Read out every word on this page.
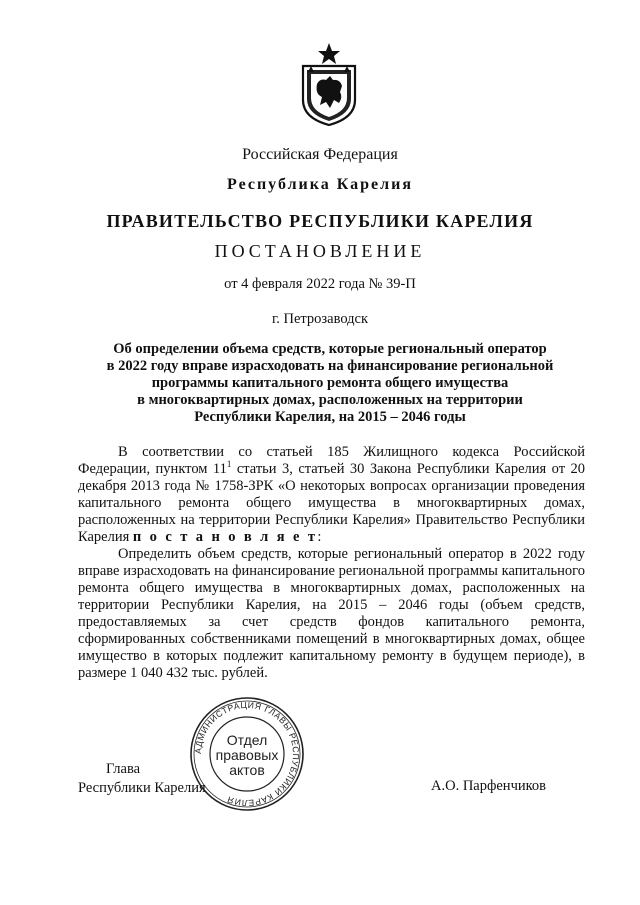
Российская Федерация
Республика Карелия
ПРАВИТЕЛЬСТВО РЕСПУБЛИКИ КАРЕЛИЯ
ПОСТАНОВЛЕНИЕ
от 4 февраля 2022 года № 39-П
г. Петрозаводск
Об определении объема средств, которые региональный оператор
в 2022 году вправе израсходовать на финансирование региональной
программы капитального ремонта общего имущества
в многоквартирных домах, расположенных на территории
Республики Карелия, на 2015 – 2046 годы

В соответствии со статьей 185 Жилищного кодекса Российской Федерации, пунктом $11^1$ статьи 3, статьей 30 Закона Республики Карелия от 20 декабря 2013 года № 1758-ЗРК «О некоторых вопросах организации проведения капитального ремонта общего имущества в многоквартирных домах, расположенных на территории Республики Карелия» Правительство Республики Карелия п о с т а н о в л я е т:

Определить объем средств, которые региональный оператор в 2022 году вправе израсходовать на финансирование региональной программы капитального ремонта общего имущества в многоквартирных домах, расположенных на территории Республики Карелия, на 2015 – 2046 годы (объем средств, предоставляемых за счет средств фондов капитального ремонта, сформированных собственниками помещений в многоквартирных домах, общее имущество в которых подлежит капитальному ремонту в будущем периоде), в размере 1 040 432 тыс. рублей.

Глава
Республики Карелия	А.О. Парфенчиков
АДМИНИСТРАЦИЯ ГЛАВЫ РЕСПУБЛИКИ КАРЕЛИЯ
Отдел
правовых
актов
